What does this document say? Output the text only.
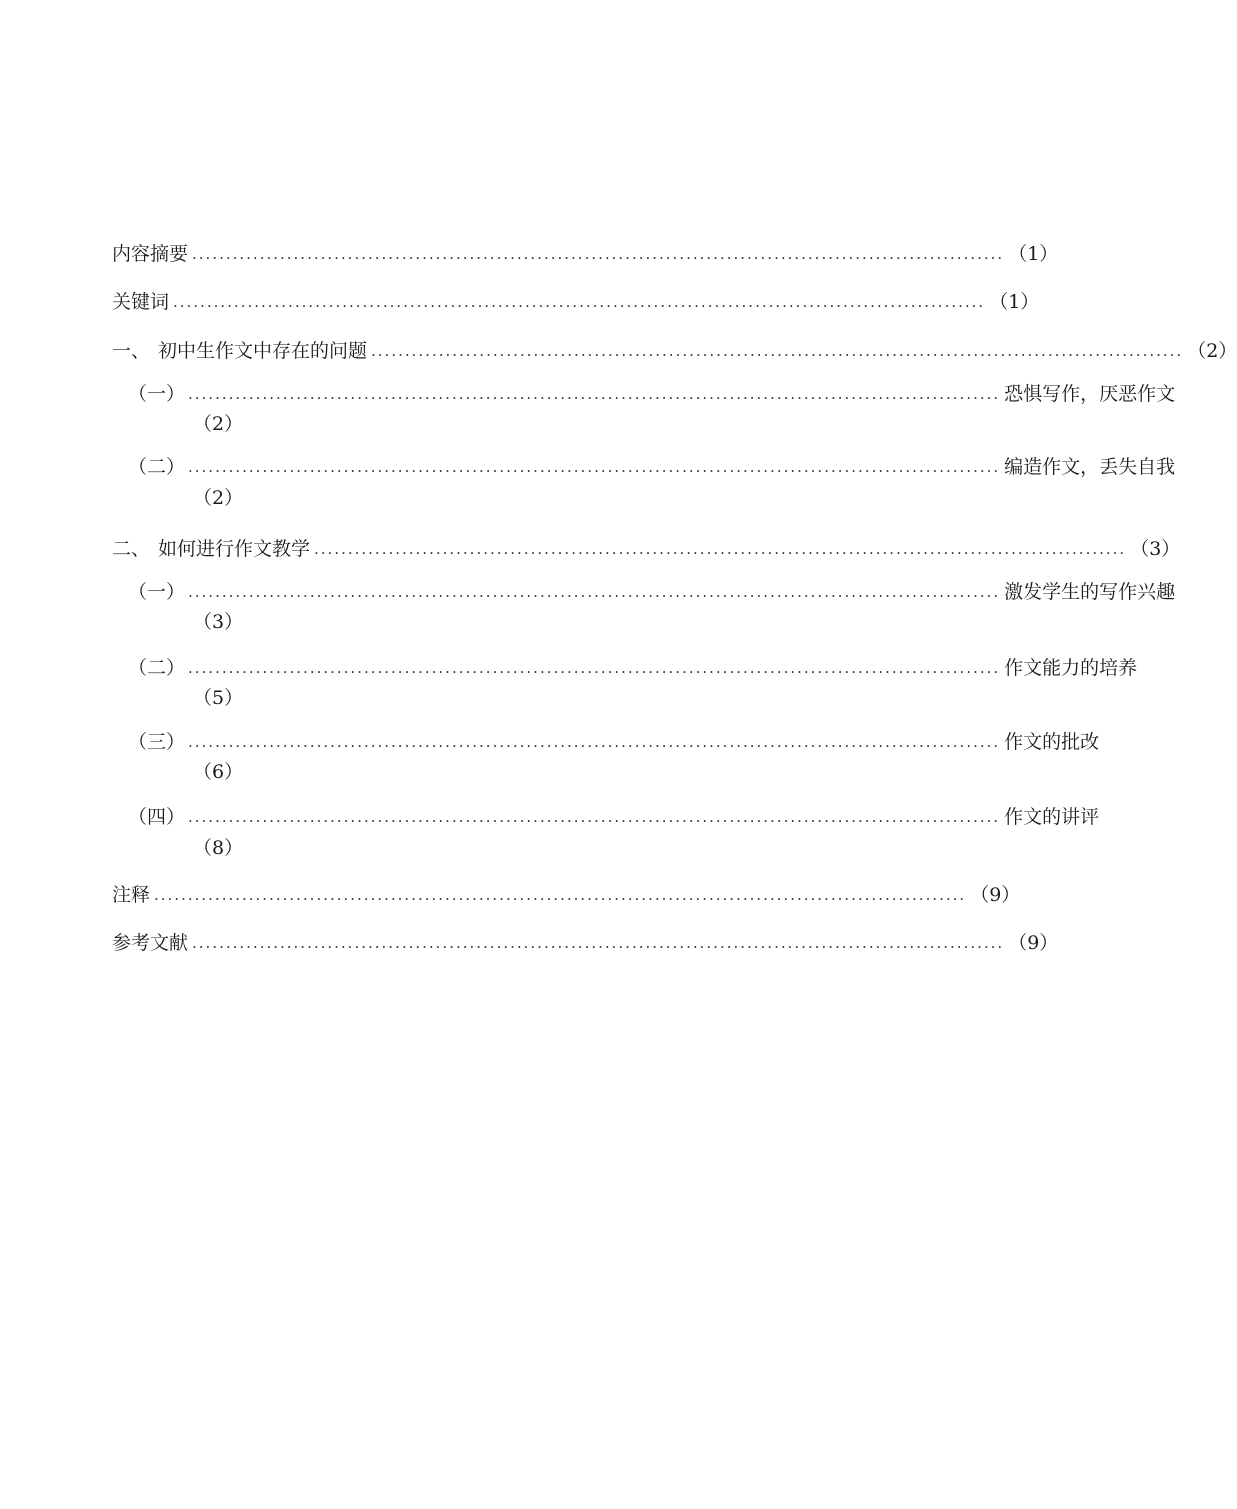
内容摘要 ........................................................................................................................ （1）
关键词 ........................................................................................................................ （1）
一、 初中生作文中存在的问题 ........................................................................................................................ （2）
（一） ........................................................................................................................ 恐惧写作，厌恶作文
（2）
（二） ........................................................................................................................ 编造作文，丢失自我
（2）
二、 如何进行作文教学 ........................................................................................................................ （3）
（一） ........................................................................................................................ 激发学生的写作兴趣
（3）
（二） ........................................................................................................................ 作文能力的培养
（5）
（三） ........................................................................................................................ 作文的批改
（6）
（四） ........................................................................................................................ 作文的讲评
（8）
注释 ........................................................................................................................ （9）
参考文献 ........................................................................................................................ （9）
